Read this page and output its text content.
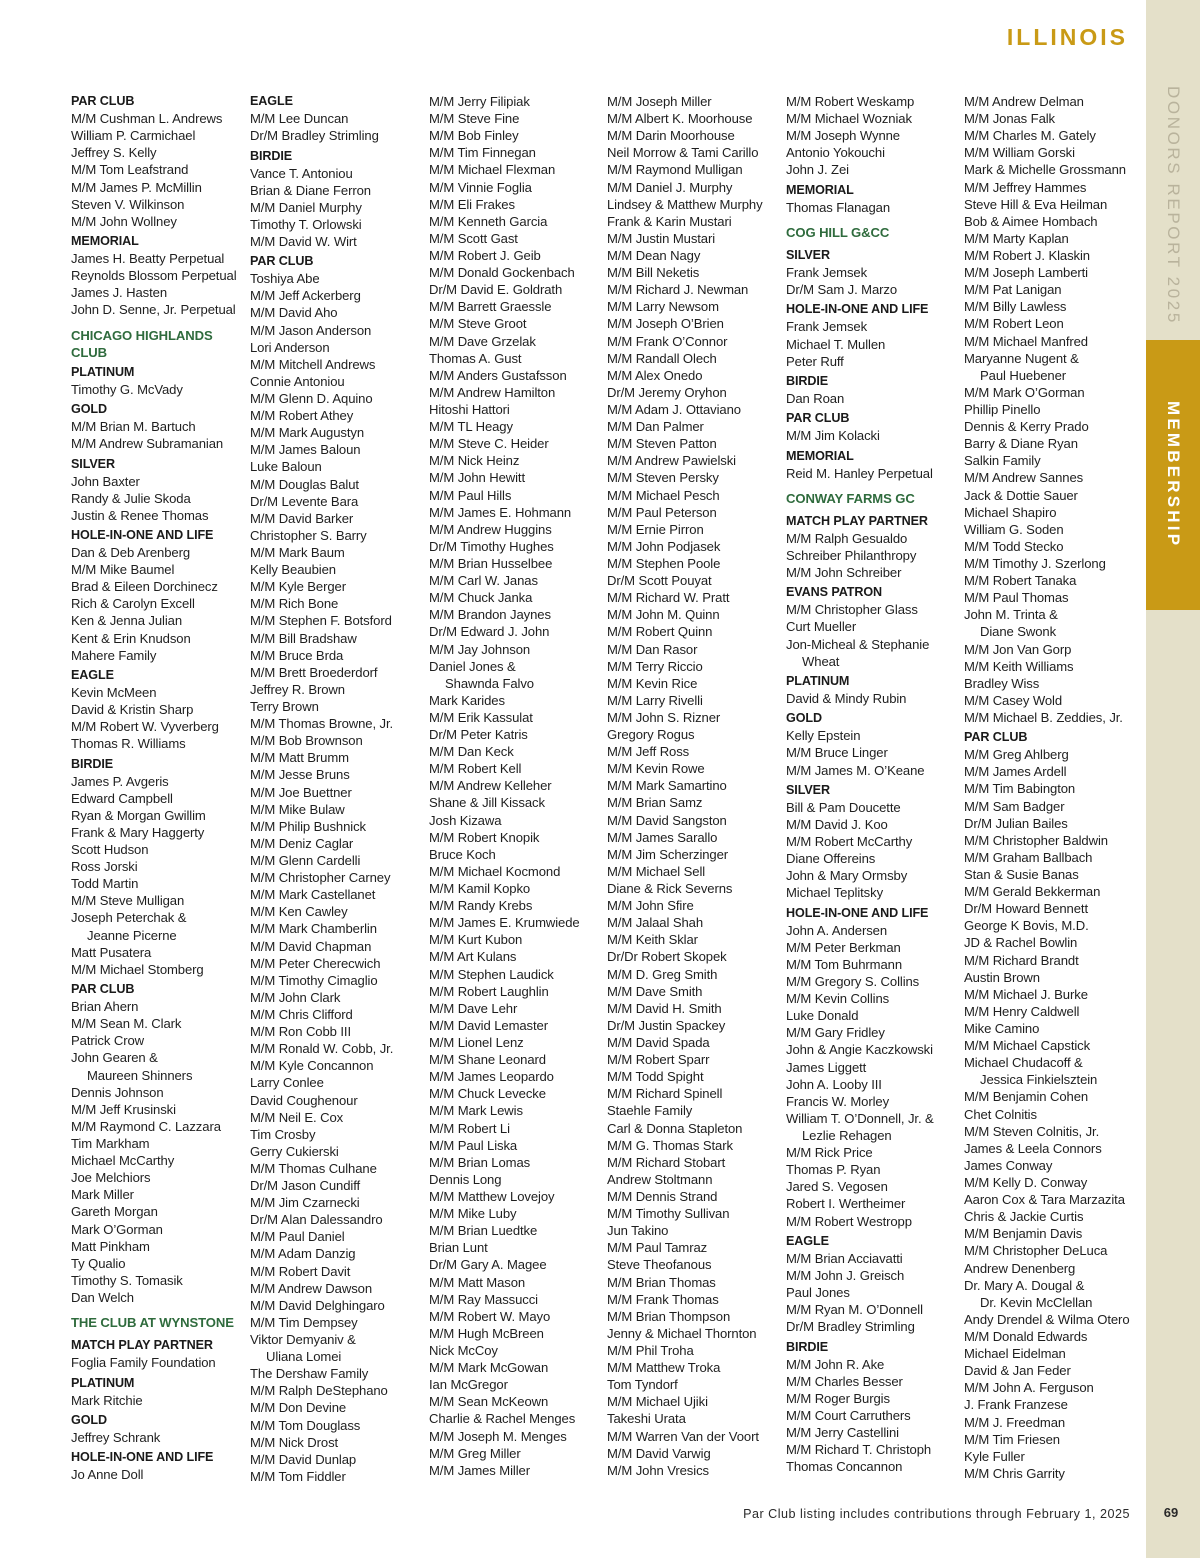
ILLINOIS
DONORS REPORT 2025
MEMBERSHIP
PAR CLUB
M/M Cushman L. Andrews
William P. Carmichael
Jeffrey S. Kelly
M/M Tom Leafstrand
M/M James P. McMillin
Steven V. Wilkinson
M/M John Wollney
MEMORIAL
James H. Beatty Perpetual
Reynolds Blossom Perpetual
James J. Hasten
John D. Senne, Jr. Perpetual
CHICAGO HIGHLANDS
CLUB
PLATINUM
Timothy G. McVady
GOLD
M/M Brian M. Bartuch
M/M Andrew Subramanian
SILVER
John Baxter
Randy & Julie Skoda
Justin & Renee Thomas
HOLE-IN-ONE AND LIFE
Dan & Deb Arenberg
M/M Mike Baumel
Brad & Eileen Dorchinecz
Rich & Carolyn Excell
Ken & Jenna Julian
Kent & Erin Knudson
Mahere Family
EAGLE
Kevin McMeen
David & Kristin Sharp
M/M Robert W. Vyverberg
Thomas R. Williams
BIRDIE
James P. Avgeris
Edward Campbell
Ryan & Morgan Gwillim
Frank & Mary Haggerty
Scott Hudson
Ross Jorski
Todd Martin
M/M Steve Mulligan
Joseph Peterchak &
Jeanne Picerne
Matt Pusatera
M/M Michael Stomberg
PAR CLUB
Brian Ahern
M/M Sean M. Clark
Patrick Crow
John Gearen &
Maureen Shinners
Dennis Johnson
M/M Jeff Krusinski
M/M Raymond C. Lazzara
Tim Markham
Michael McCarthy
Joe Melchiors
Mark Miller
Gareth Morgan
Mark O’Gorman
Matt Pinkham
Ty Qualio
Timothy S. Tomasik
Dan Welch
THE CLUB AT WYNSTONE
MATCH PLAY PARTNER
Foglia Family Foundation
PLATINUM
Mark Ritchie
GOLD
Jeffrey Schrank
HOLE-IN-ONE AND LIFE
Jo Anne Doll
EAGLE
M/M Lee Duncan
Dr/M Bradley Strimling
BIRDIE
Vance T. Antoniou
Brian & Diane Ferron
M/M Daniel Murphy
Timothy T. Orlowski
M/M David W. Wirt
PAR CLUB
Toshiya Abe
M/M Jeff Ackerberg
M/M David Aho
M/M Jason Anderson
Lori Anderson
M/M Mitchell Andrews
Connie Antoniou
M/M Glenn D. Aquino
M/M Robert Athey
M/M Mark Augustyn
M/M James Baloun
Luke Baloun
M/M Douglas Balut
Dr/M Levente Bara
M/M David Barker
Christopher S. Barry
M/M Mark Baum
Kelly Beaubien
M/M Kyle Berger
M/M Rich Bone
M/M Stephen F. Botsford
M/M Bill Bradshaw
M/M Bruce Brda
M/M Brett Broederdorf
Jeffrey R. Brown
Terry Brown
M/M Thomas Browne, Jr.
M/M Bob Brownson
M/M Matt Brumm
M/M Jesse Bruns
M/M Joe Buettner
M/M Mike Bulaw
M/M Philip Bushnick
M/M Deniz Caglar
M/M Glenn Cardelli
M/M Christopher Carney
M/M Mark Castellanet
M/M Ken Cawley
M/M Mark Chamberlin
M/M David Chapman
M/M Peter Cherecwich
M/M Timothy Cimaglio
M/M John Clark
M/M Chris Clifford
M/M Ron Cobb III
M/M Ronald W. Cobb, Jr.
M/M Kyle Concannon
Larry Conlee
David Coughenour
M/M Neil E. Cox
Tim Crosby
Gerry Cukierski
M/M Thomas Culhane
Dr/M Jason Cundiff
M/M Jim Czarnecki
Dr/M Alan Dalessandro
M/M Paul Daniel
M/M Adam Danzig
M/M Robert Davit
M/M Andrew Dawson
M/M David Delghingaro
M/M Tim Dempsey
Viktor Demyaniv &
Uliana Lomei
The Dershaw Family
M/M Ralph DeStephano
M/M Don Devine
M/M Tom Douglass
M/M Nick Drost
M/M David Dunlap
M/M Tom Fiddler
M/M Jerry Filipiak
M/M Steve Fine
M/M Bob Finley
M/M Tim Finnegan
M/M Michael Flexman
M/M Vinnie Foglia
M/M Eli Frakes
M/M Kenneth Garcia
M/M Scott Gast
M/M Robert J. Geib
M/M Donald Gockenbach
Dr/M David E. Goldrath
M/M Barrett Graessle
M/M Steve Groot
M/M Dave Grzelak
Thomas A. Gust
M/M Anders Gustafsson
M/M Andrew Hamilton
Hitoshi Hattori
M/M TL Heagy
M/M Steve C. Heider
M/M Nick Heinz
M/M John Hewitt
M/M Paul Hills
M/M James E. Hohmann
M/M Andrew Huggins
Dr/M Timothy Hughes
M/M Brian Husselbee
M/M Carl W. Janas
M/M Chuck Janka
M/M Brandon Jaynes
Dr/M Edward J. John
M/M Jay Johnson
Daniel Jones &
Shawnda Falvo
Mark Karides
M/M Erik Kassulat
Dr/M Peter Katris
M/M Dan Keck
M/M Robert Kell
M/M Andrew Kelleher
Shane & Jill Kissack
Josh Kizawa
M/M Robert Knopik
Bruce Koch
M/M Michael Kocmond
M/M Kamil Kopko
M/M Randy Krebs
M/M James E. Krumwiede
M/M Kurt Kubon
M/M Art Kulans
M/M Stephen Laudick
M/M Robert Laughlin
M/M Dave Lehr
M/M David Lemaster
M/M Lionel Lenz
M/M Shane Leonard
M/M James Leopardo
M/M Chuck Levecke
M/M Mark Lewis
M/M Robert Li
M/M Paul Liska
M/M Brian Lomas
Dennis Long
M/M Matthew Lovejoy
M/M Mike Luby
M/M Brian Luedtke
Brian Lunt
Dr/M Gary A. Magee
M/M Matt Mason
M/M Ray Massucci
M/M Robert W. Mayo
M/M Hugh McBreen
Nick McCoy
M/M Mark McGowan
Ian McGregor
M/M Sean McKeown
Charlie & Rachel Menges
M/M Joseph M. Menges
M/M Greg Miller
M/M James Miller
M/M Joseph Miller
M/M Albert K. Moorhouse
M/M Darin Moorhouse
Neil Morrow & Tami Carillo
M/M Raymond Mulligan
M/M Daniel J. Murphy
Lindsey & Matthew Murphy
Frank & Karin Mustari
M/M Justin Mustari
M/M Dean Nagy
M/M Bill Neketis
M/M Richard J. Newman
M/M Larry Newsom
M/M Joseph O’Brien
M/M Frank O’Connor
M/M Randall Olech
M/M Alex Onedo
Dr/M Jeremy Oryhon
M/M Adam J. Ottaviano
M/M Dan Palmer
M/M Steven Patton
M/M Andrew Pawielski
M/M Steven Persky
M/M Michael Pesch
M/M Paul Peterson
M/M Ernie Pirron
M/M John Podjasek
M/M Stephen Poole
Dr/M Scott Pouyat
M/M Richard W. Pratt
M/M John M. Quinn
M/M Robert Quinn
M/M Dan Rasor
M/M Terry Riccio
M/M Kevin Rice
M/M Larry Rivelli
M/M John S. Rizner
Gregory Rogus
M/M Jeff Ross
M/M Kevin Rowe
M/M Mark Samartino
M/M Brian Samz
M/M David Sangston
M/M James Sarallo
M/M Jim Scherzinger
M/M Michael Sell
Diane & Rick Severns
M/M John Sfire
M/M Jalaal Shah
M/M Keith Sklar
Dr/Dr Robert Skopek
M/M D. Greg Smith
M/M Dave Smith
M/M David H. Smith
Dr/M Justin Spackey
M/M David Spada
M/M Robert Sparr
M/M Todd Spight
M/M Richard Spinell
Staehle Family
Carl & Donna Stapleton
M/M G. Thomas Stark
M/M Richard Stobart
Andrew Stoltmann
M/M Dennis Strand
M/M Timothy Sullivan
Jun Takino
M/M Paul Tamraz
Steve Theofanous
M/M Brian Thomas
M/M Frank Thomas
M/M Brian Thompson
Jenny & Michael Thornton
M/M Phil Troha
M/M Matthew Troka
Tom Tyndorf
M/M Michael Ujiki
Takeshi Urata
M/M Warren Van der Voort
M/M David Varwig
M/M John Vresics
M/M Robert Weskamp
M/M Michael Wozniak
M/M Joseph Wynne
Antonio Yokouchi
John J. Zei
MEMORIAL
Thomas Flanagan
COG HILL G&CC
SILVER
Frank Jemsek
Dr/M Sam J. Marzo
HOLE-IN-ONE AND LIFE
Frank Jemsek
Michael T. Mullen
Peter Ruff
BIRDIE
Dan Roan
PAR CLUB
M/M Jim Kolacki
MEMORIAL
Reid M. Hanley Perpetual
CONWAY FARMS GC
MATCH PLAY PARTNER
M/M Ralph Gesualdo
Schreiber Philanthropy
M/M John Schreiber
EVANS PATRON
M/M Christopher Glass
Curt Mueller
Jon-Micheal & Stephanie
Wheat
PLATINUM
David & Mindy Rubin
GOLD
Kelly Epstein
M/M Bruce Linger
M/M James M. O’Keane
SILVER
Bill & Pam Doucette
M/M David J. Koo
M/M Robert McCarthy
Diane Offereins
John & Mary Ormsby
Michael Teplitsky
HOLE-IN-ONE AND LIFE
John A. Andersen
M/M Peter Berkman
M/M Tom Buhrmann
M/M Gregory S. Collins
M/M Kevin Collins
Luke Donald
M/M Gary Fridley
John & Angie Kaczkowski
James Liggett
John A. Looby III
Francis W. Morley
William T. O’Donnell, Jr. &
Lezlie Rehagen
M/M Rick Price
Thomas P. Ryan
Jared S. Vegosen
Robert I. Wertheimer
M/M Robert Westropp
EAGLE
M/M Brian Acciavatti
M/M John J. Greisch
Paul Jones
M/M Ryan M. O’Donnell
Dr/M Bradley Strimling
BIRDIE
M/M John R. Ake
M/M Charles Besser
M/M Roger Burgis
M/M Court Carruthers
M/M Jerry Castellini
M/M Richard T. Christoph
Thomas Concannon
M/M Andrew Delman
M/M Jonas Falk
M/M Charles M. Gately
M/M William Gorski
Mark & Michelle Grossmann
M/M Jeffrey Hammes
Steve Hill & Eva Heilman
Bob & Aimee Hombach
M/M Marty Kaplan
M/M Robert J. Klaskin
M/M Joseph Lamberti
M/M Pat Lanigan
M/M Billy Lawless
M/M Robert Leon
M/M Michael Manfred
Maryanne Nugent &
Paul Huebener
M/M Mark O’Gorman
Phillip Pinello
Dennis & Kerry Prado
Barry & Diane Ryan
Salkin Family
M/M Andrew Sannes
Jack & Dottie Sauer
Michael Shapiro
William G. Soden
M/M Todd Stecko
M/M Timothy J. Szerlong
M/M Robert Tanaka
M/M Paul Thomas
John M. Trinta &
Diane Swonk
M/M Jon Van Gorp
M/M Keith Williams
Bradley Wiss
M/M Casey Wold
M/M Michael B. Zeddies, Jr.
PAR CLUB
M/M Greg Ahlberg
M/M James Ardell
M/M Tim Babington
M/M Sam Badger
Dr/M Julian Bailes
M/M Christopher Baldwin
M/M Graham Ballbach
Stan & Susie Banas
M/M Gerald Bekkerman
Dr/M Howard Bennett
George K Bovis, M.D.
JD & Rachel Bowlin
M/M Richard Brandt
Austin Brown
M/M Michael J. Burke
M/M Henry Caldwell
Mike Camino
M/M Michael Capstick
Michael Chudacoff &
Jessica Finkielsztein
M/M Benjamin Cohen
Chet Colnitis
M/M Steven Colnitis, Jr.
James & Leela Connors
James Conway
M/M Kelly D. Conway
Aaron Cox & Tara Marzazita
Chris & Jackie Curtis
M/M Benjamin Davis
M/M Christopher DeLuca
Andrew Denenberg
Dr. Mary A. Dougal &
Dr. Kevin McClellan
Andy Drendel & Wilma Otero
M/M Donald Edwards
Michael Eidelman
David & Jan Feder
M/M John A. Ferguson
J. Frank Franzese
M/M J. Freedman
M/M Tim Friesen
Kyle Fuller
M/M Chris Garrity
Par Club listing includes contributions through February 1, 2025	69
